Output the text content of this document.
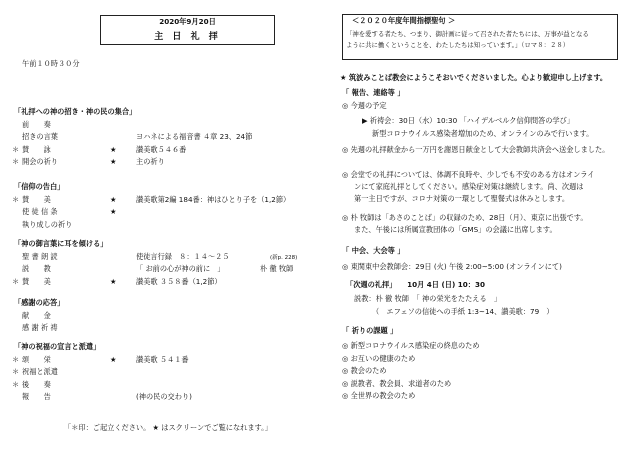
2020年9月20日
主 日 礼 拝
午前１０時３０分
「礼拝への神の招き・神の民の集合」
前　　奏
招きの言葉	ヨハネによる福音書 ４章 23、24節
＊ 賛　　詠	★	讃美歌５４６番
＊ 開会の祈り	★	主の祈り
「信仰の告白」
＊ 賛　　美	★	讃美歌第2編 184番：神はひとり子を（1,2節）
使 徒 信 条	★
執り成しの祈り
「神の御言葉に耳を傾ける」
聖 書 朗 読	使徒言行録　８：１４～２５	(新p. 228)
説　　教	「 お前の心が神の前に　」	朴 徹 牧師
＊ 賛　　美	★	讃美歌 ３５８番（1,2節）
「感謝の応答」
献　　金
感 謝 祈 祷
「神の祝福の宣言と派遣」
＊ 頌　　栄	★	讃美歌 ５４１番
＊ 祝福と派遣
＊ 後　　奏
報　　告	(神の民の交わり)
「＊印：ご起立ください。 ★ はスクリーンでご覧になれます。」
＜２０２０年度年間指標聖句 ＞
「神を愛する者たち、つまり、御計画に従って召された者たちには、万事が益となる
ように共に働くということを、わたしたちは知っています。」（ロマ８：２８）
★ 筑波みことば教会にようこそおいでくださいました。心より歓迎申し上げます。
「 報告、連絡等 」
◎ 今週の予定
▶ 祈祷会：30日（水）10:30 「ハイデルベルク信仰問答の学び」
新型コロナウイルス感染者増加のため、オンラインのみで行います。
◎ 先週の礼拝献金から一万円を謝恩日献金として大会教師共済会へ送金しました。
◎ 会堂での礼拝については、体調不良時や、少しでも不安のある方はオンライ
ンにて家庭礼拝としてください。感染症対策は継続します。尚、次週は
第一主日ですが、コロナ対策の一環として聖餐式は休みとします。
◎ 朴 牧師は「あさのことば」の収録のため、28日（月）、東京に出張です。
また、午後には所属宣教団体の「GMS」の会議に出席します。
「 中会、大会等 」
◎ 東関東中会教師会：29日 (火) 午後 2:00~5:00 (オンラインにて)
「次週の礼拝」　　 10月 4日 (日) 10：30
説教：朴 徹 牧師　「 神の栄光をたたえる　」
（　エフェソの信徒への手紙 1:3~14、讃美歌：79　）
「 祈りの課題 」
◎ 新型コロナウイルス感染症の終息のため
◎ お互いの健康のため
◎ 教会のため
◎ 説教者、教会員、求道者のため
◎ 全世界の教会のため
